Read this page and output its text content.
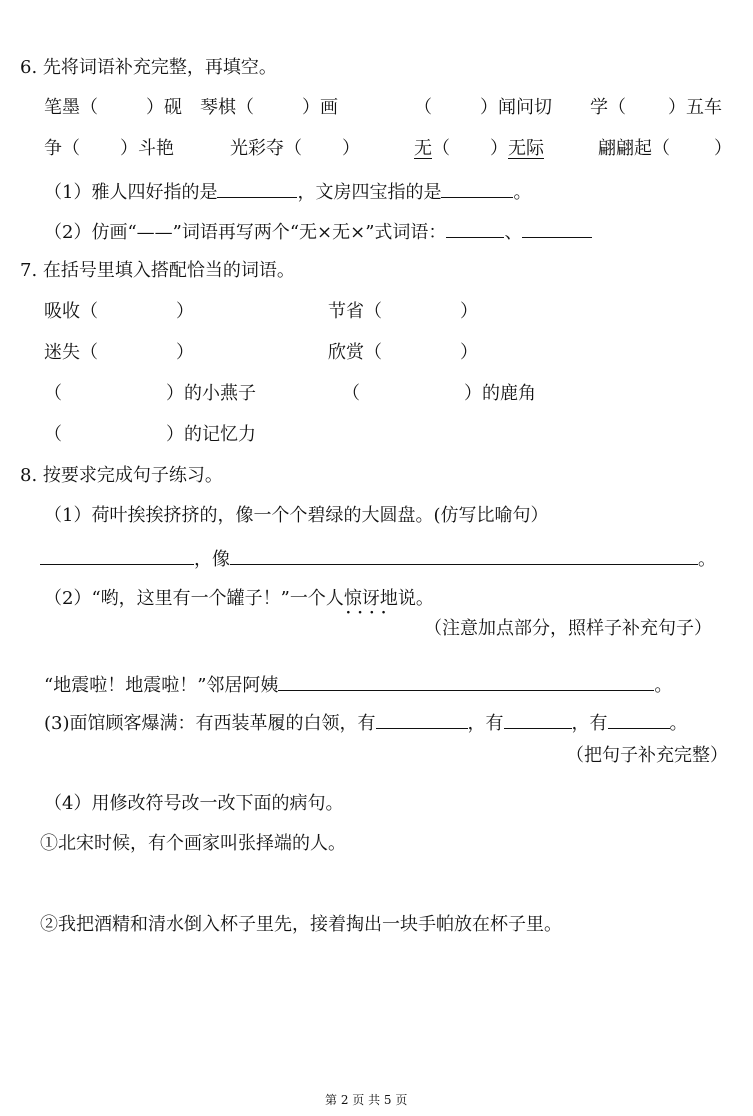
6. 先将词语补充完整，再填空。
笔墨（	）砚 琴棋（	）画	（	）闻问切 学（ ）五车
争（ ）斗艳	光彩夺（ ）	无（ ）无际	翩翩起（ ）
（1）雅人四好指的是	，文房四宝指的是	。
（2）仿画“——”词语再写两个“无×无×”式词语：	、
7. 在括号里填入搭配恰当的词语。
吸收（	）	节省（	）
迷失（	）	欣赏（	）
（	）的小燕子	（	）的鹿角
（	）的记忆力
8. 按要求完成句子练习。
（1）荷叶挨挨挤挤的，像一个个碧绿的大圆盘。(仿写比喻句）
，像	。
（2）“哟，这里有一个罐子！”一个人惊讶地说 · · · ·。
（注意加点部分，照样子补充句子）
“地震啦！地震啦！”邻居阿姨	。
(3)面馆顾客爆满：有西装革履的白领，有	，有	，有	。
（把句子补充完整）
（4）用修改符号改一改下面的病句。
①北宋时候，有个画家叫张择端的人。
②我把酒精和清水倒入杯子里先，接着掏出一块手帕放在杯子里。
第 2 页 共 5 页
